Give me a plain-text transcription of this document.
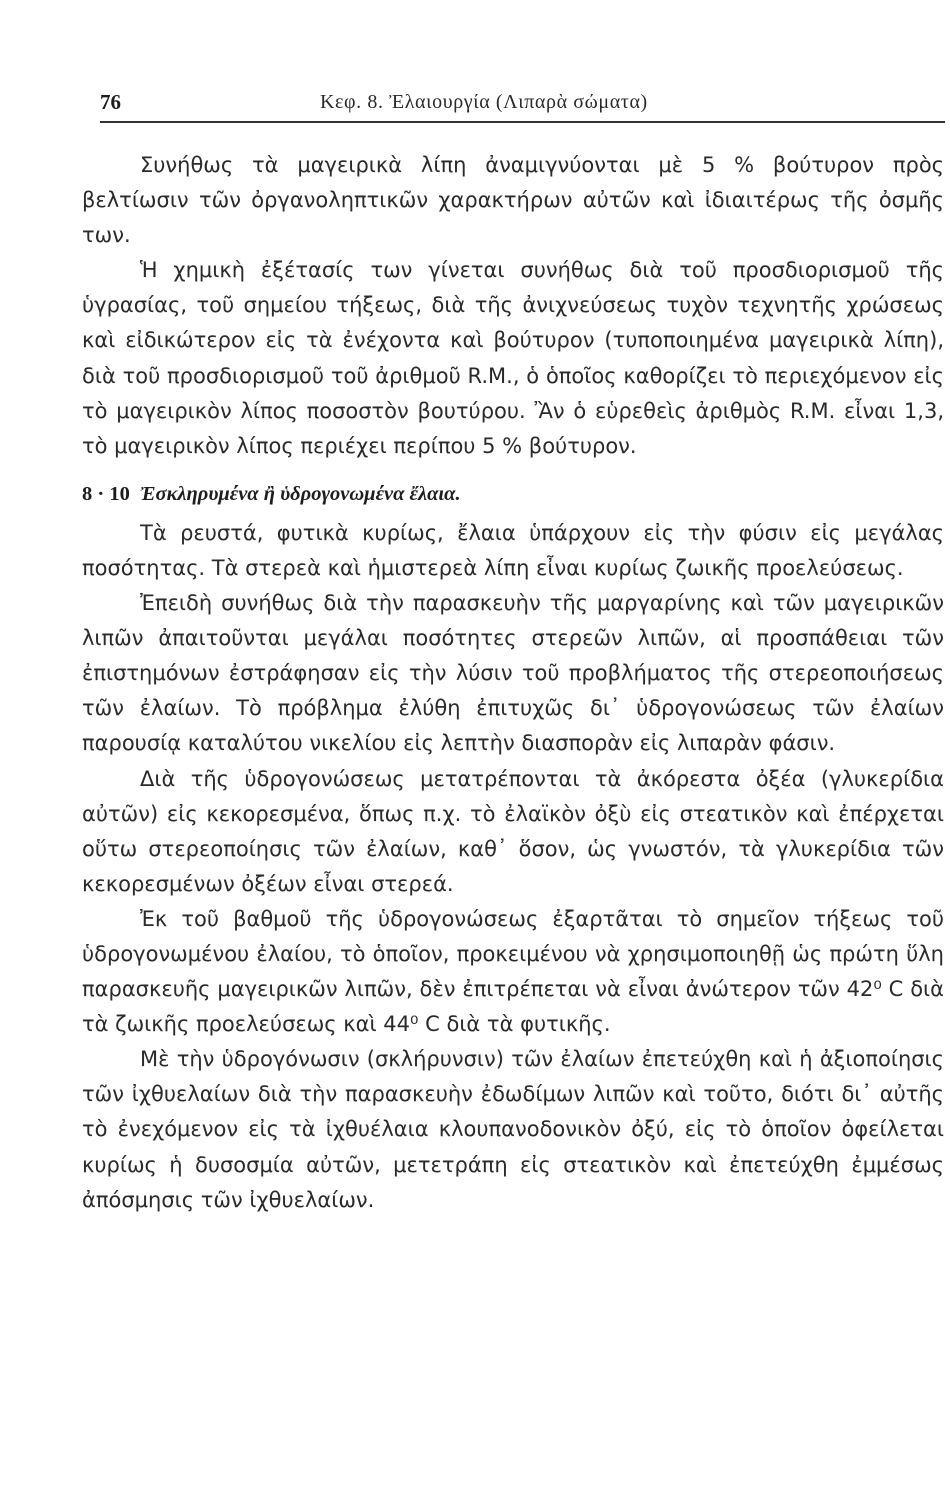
76	Κεφ. 8. Ἐλαιουργία (Λιπαρὰ σώματα)

Συνήθως τὰ μαγειρικὰ λίπη ἀναμιγνύονται μὲ 5 % βούτυρον πρὸς βελτίωσιν τῶν ὀργανοληπτικῶν χαρακτήρων αὐτῶν καὶ ἰδιαιτέρως τῆς ὀσμῆς των.

Ἡ χημικὴ ἐξέτασίς των γίνεται συνήθως διὰ τοῦ προσδιορισμοῦ τῆς ὑγρασίας, τοῦ σημείου τήξεως, διὰ τῆς ἀνιχνεύσεως τυχὸν τεχνητῆς χρώσεως καὶ εἰδικώτερον εἰς τὰ ἐνέχοντα καὶ βούτυρον (τυποποιημένα μαγειρικὰ λίπη), διὰ τοῦ προσδιορισμοῦ τοῦ ἀριθμοῦ R.M., ὁ ὁποῖος καθορίζει τὸ περιεχόμενον εἰς τὸ μαγειρικὸν λίπος ποσοστὸν βουτύρου. Ἂν ὁ εὑρεθεὶς ἀριθμὸς R.M. εἶναι 1,3, τὸ μαγειρικὸν λίπος περιέχει περίπου 5 % βούτυρον.

8 · 10 Ἐσκληρυμένα ἢ ὑδρογονωμένα ἔλαια.

Τὰ ρευστά, φυτικὰ κυρίως, ἔλαια ὑπάρχουν εἰς τὴν φύσιν εἰς μεγάλας ποσότητας. Τὰ στερεὰ καὶ ἡμιστερεὰ λίπη εἶναι κυρίως ζωικῆς προελεύσεως.

Ἐπειδὴ συνήθως διὰ τὴν παρασκευὴν τῆς μαργαρίνης καὶ τῶν μαγειρικῶν λιπῶν ἀπαιτοῦνται μεγάλαι ποσότητες στερεῶν λιπῶν, αἱ προσπάθειαι τῶν ἐπιστημόνων ἐστράφησαν εἰς τὴν λύσιν τοῦ προβλήματος τῆς στερεοποιήσεως τῶν ἐλαίων. Τὸ πρόβλημα ἐλύθη ἐπιτυχῶς δι᾽ ὑδρογονώσεως τῶν ἐλαίων παρουσίᾳ καταλύτου νικελίου εἰς λεπτὴν διασπορὰν εἰς λιπαρὰν φάσιν.

Διὰ τῆς ὑδρογονώσεως μετατρέπονται τὰ ἀκόρεστα ὀξέα (γλυκερίδια αὐτῶν) εἰς κεκορεσμένα, ὅπως π.χ. τὸ ἐλαϊκὸν ὀξὺ εἰς στεατικὸν καὶ ἐπέρχεται οὕτω στερεοποίησις τῶν ἐλαίων, καθ᾽ ὅσον, ὡς γνωστόν, τὰ γλυκερίδια τῶν κεκορεσμένων ὀξέων εἶναι στερεά.

Ἐκ τοῦ βαθμοῦ τῆς ὑδρογονώσεως ἐξαρτᾶται τὸ σημεῖον τήξεως τοῦ ὑδρογονωμένου ἐλαίου, τὸ ὁποῖον, προκειμένου νὰ χρησιμοποιηθῇ ὡς πρώτη ὕλη παρασκευῆς μαγειρικῶν λιπῶν, δὲν ἐπιτρέπεται νὰ εἶναι ἀνώτερον τῶν 42⁰ C διὰ τὰ ζωικῆς προελεύσεως καὶ 44⁰ C διὰ τὰ φυτικῆς.

Μὲ τὴν ὑδρογόνωσιν (σκλήρυνσιν) τῶν ἐλαίων ἐπετεύχθη καὶ ἡ ἀξιοποίησις τῶν ἰχθυελαίων διὰ τὴν παρασκευὴν ἐδωδίμων λιπῶν καὶ τοῦτο, διότι δι᾽ αὐτῆς τὸ ἐνεχόμενον εἰς τὰ ἰχθυέλαια κλουπανοδονικὸν ὀξύ, εἰς τὸ ὁποῖον ὀφείλεται κυρίως ἡ δυσοσμία αὐτῶν, μετετράπη εἰς στεατικὸν καὶ ἐπετεύχθη ἐμμέσως ἀπόσμησις τῶν ἰχθυελαίων.
